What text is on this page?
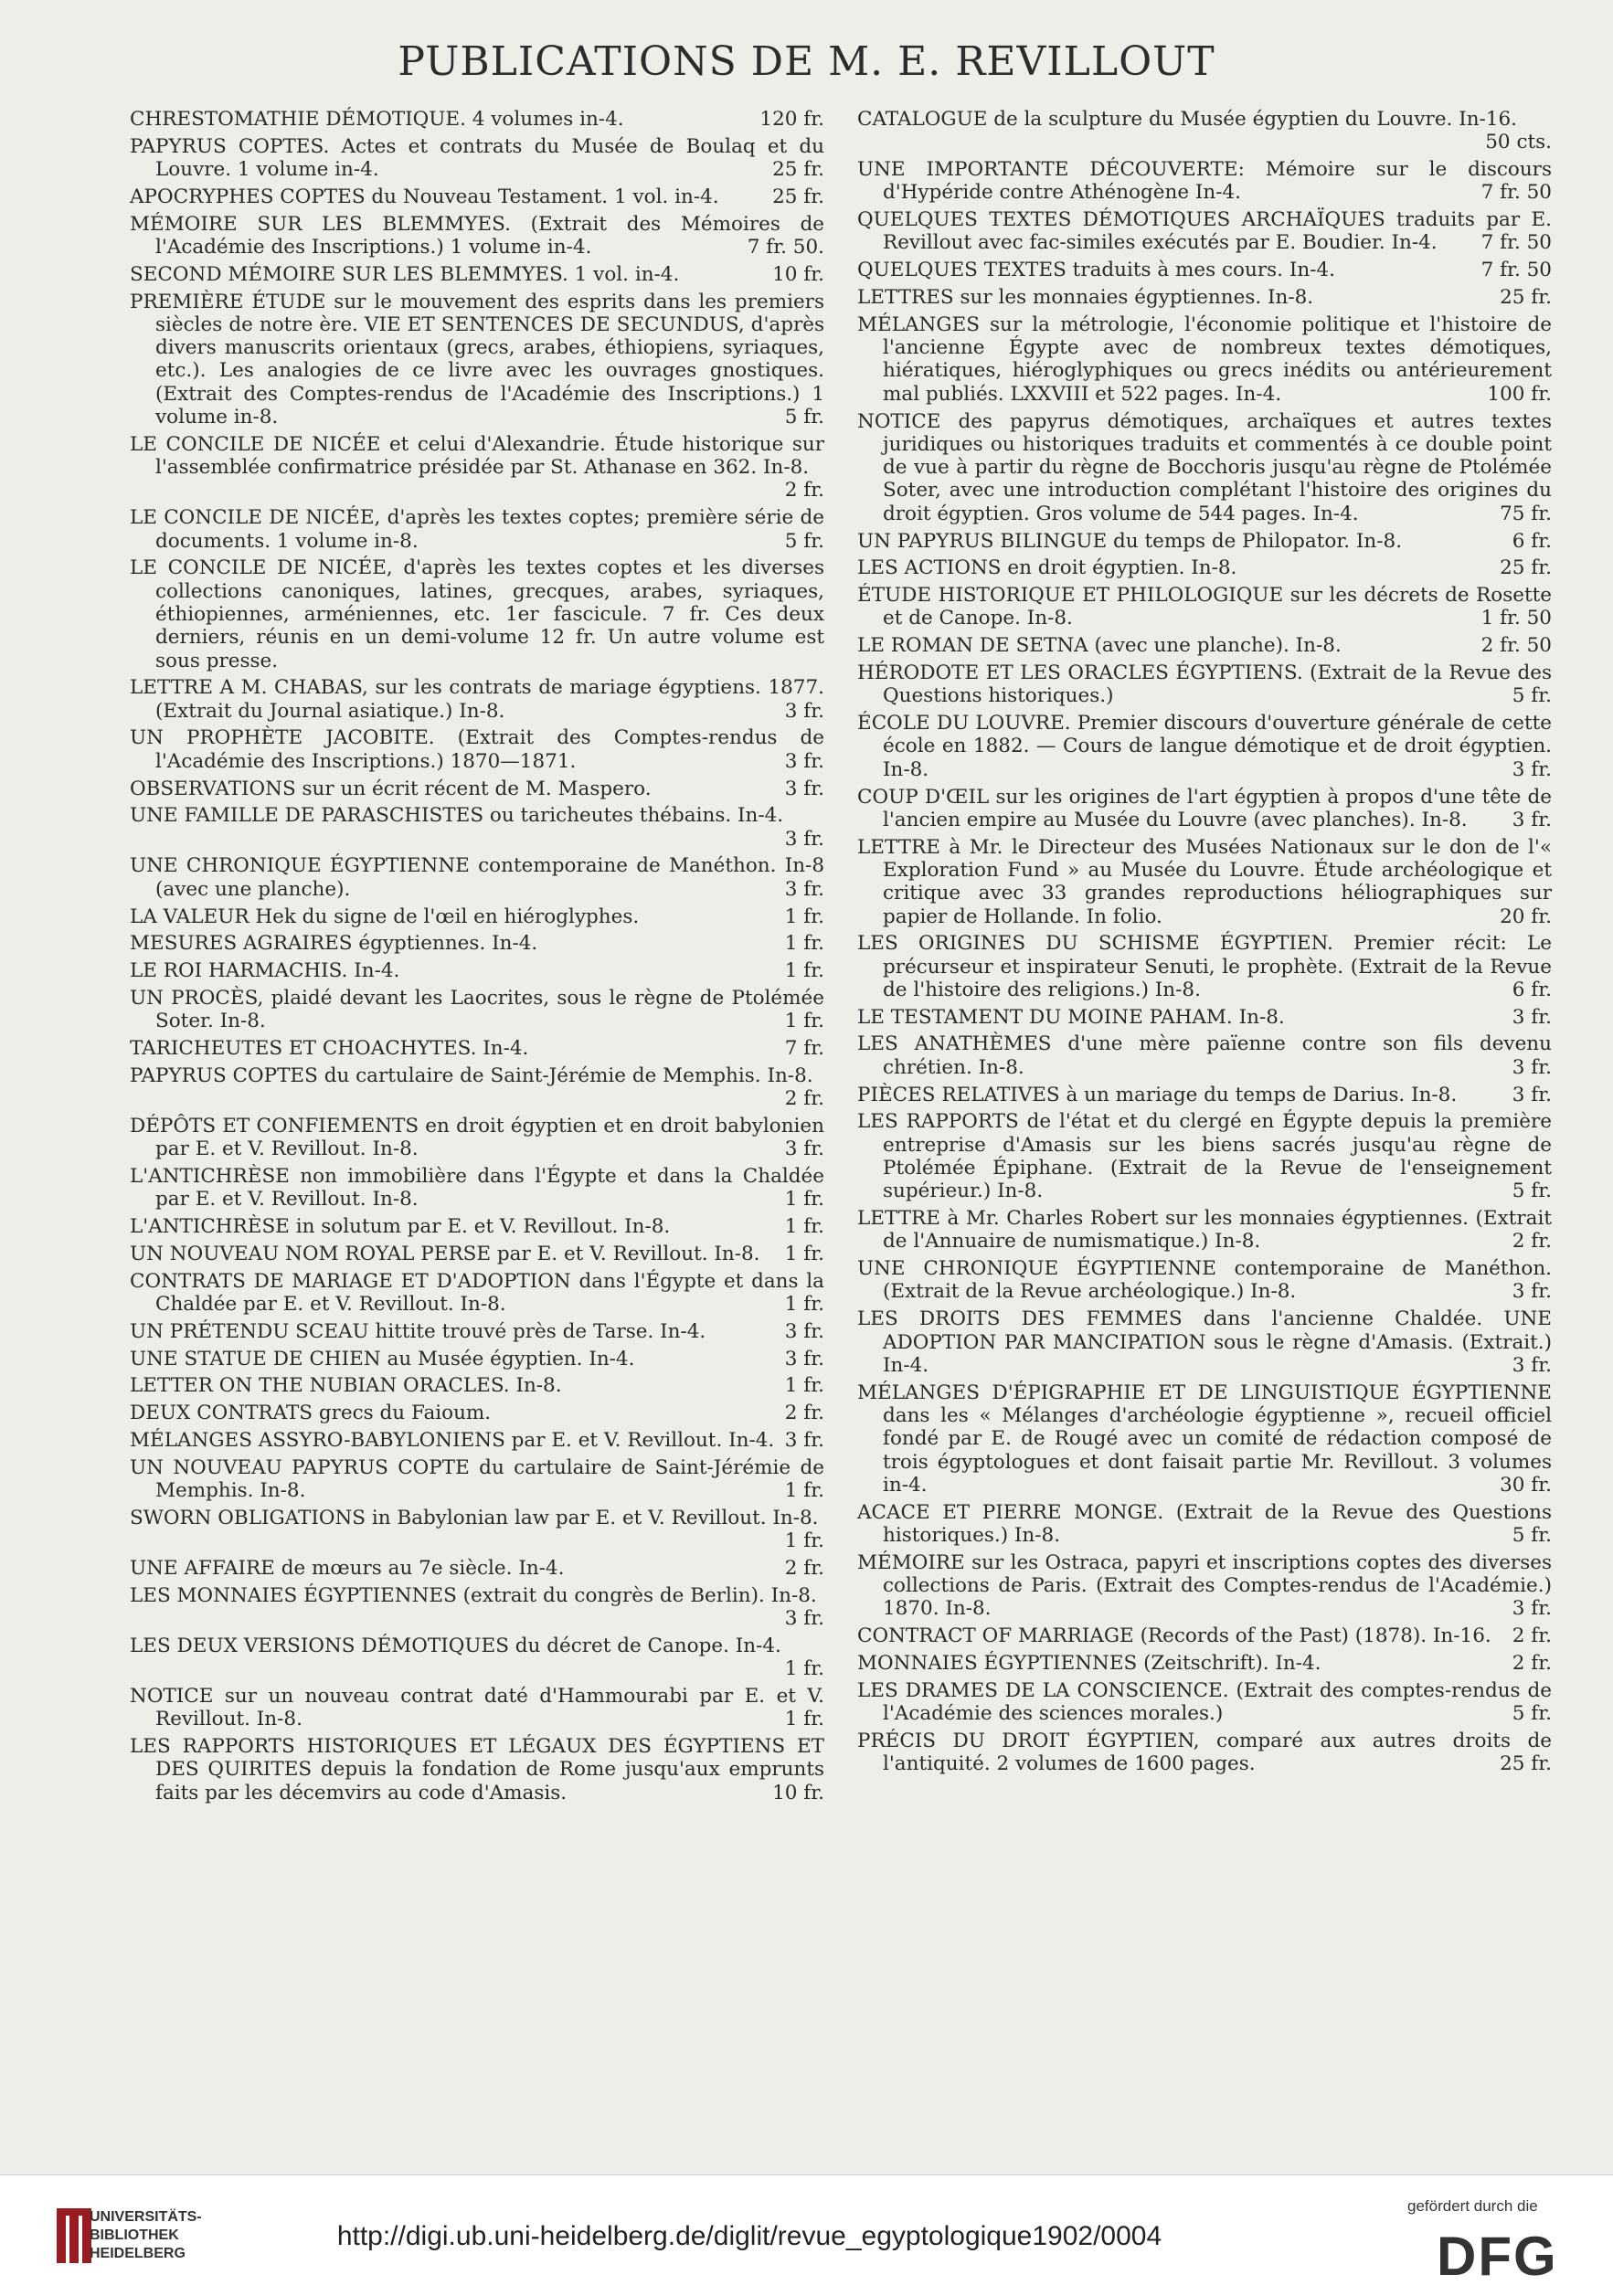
PUBLICATIONS DE M. E. REVILLOUT

CHRESTOMATHIE DÉMOTIQUE. 4 volumes in-4.	120 fr.

PAPYRUS COPTES. Actes et contrats du Musée de Boulaq et du Louvre. 1 volume in-4.	25 fr.

APOCRYPHES COPTES du Nouveau Testament. 1 vol. in-4.	25 fr.

MÉMOIRE SUR LES BLEMMYES. (Extrait des Mémoires de l'Académie des Inscriptions.) 1 volume in-4.	7 fr. 50.

SECOND MÉMOIRE SUR LES BLEMMYES. 1 vol. in-4.	10 fr.

PREMIÈRE ÉTUDE sur le mouvement des esprits dans les premiers siècles de notre ère. VIE ET SENTENCES DE SECUNDUS, d'après divers manuscrits orientaux (grecs, arabes, éthiopiens, syriaques, etc.). Les analogies de ce livre avec les ouvrages gnostiques. (Extrait des Comptes-rendus de l'Académie des Inscriptions.) 1 volume in-8.	5 fr.

LE CONCILE DE NICÉE et celui d'Alexandrie. Étude historique sur l'assemblée confirmatrice présidée par St. Athanase en 362. In-8.
2 fr.

LE CONCILE DE NICÉE, d'après les textes coptes; première série de documents. 1 volume in-8.	5 fr.

LE CONCILE DE NICÉE, d'après les textes coptes et les diverses collections canoniques, latines, grecques, arabes, syriaques, éthiopiennes, arméniennes, etc. 1er fascicule. 7 fr. Ces deux derniers, réunis en un demi-volume 12 fr. Un autre volume est sous presse.

LETTRE A M. CHABAS, sur les contrats de mariage égyptiens. 1877. (Extrait du Journal asiatique.) In-8.	3 fr.

UN PROPHÈTE JACOBITE. (Extrait des Comptes-rendus de l'Académie des Inscriptions.) 1870—1871.	3 fr.

OBSERVATIONS sur un écrit récent de M. Maspero.	3 fr.

UNE FAMILLE DE PARASCHISTES ou taricheutes thébains. In-4.
3 fr.

UNE CHRONIQUE ÉGYPTIENNE contemporaine de Manéthon. In-8 (avec une planche).	3 fr.

LA VALEUR Hek du signe de l'œil en hiéroglyphes.	1 fr.

MESURES AGRAIRES égyptiennes. In-4.	1 fr.

LE ROI HARMACHIS. In-4.	1 fr.

UN PROCÈS, plaidé devant les Laocrites, sous le règne de Ptolémée Soter. In-8.	1 fr.

TARICHEUTES ET CHOACHYTES. In-4.	7 fr.

PAPYRUS COPTES du cartulaire de Saint-Jérémie de Memphis. In-8.
2 fr.

DÉPÔTS ET CONFIEMENTS en droit égyptien et en droit babylonien par E. et V. Revillout. In-8.	3 fr.

L'ANTICHRÈSE non immobilière dans l'Égypte et dans la Chaldée par E. et V. Revillout. In-8.	1 fr.

L'ANTICHRÈSE in solutum par E. et V. Revillout. In-8.	1 fr.

UN NOUVEAU NOM ROYAL PERSE par E. et V. Revillout. In-8.	1 fr.

CONTRATS DE MARIAGE ET D'ADOPTION dans l'Égypte et dans la Chaldée par E. et V. Revillout. In-8.	1 fr.

UN PRÉTENDU SCEAU hittite trouvé près de Tarse. In-4.	3 fr.

UNE STATUE DE CHIEN au Musée égyptien. In-4.	3 fr.

LETTER ON THE NUBIAN ORACLES. In-8.	1 fr.

DEUX CONTRATS grecs du Faioum.	2 fr.

MÉLANGES ASSYRO-BABYLONIENS par E. et V. Revillout. In-4. 3 fr.

UN NOUVEAU PAPYRUS COPTE du cartulaire de Saint-Jérémie de Memphis. In-8.	1 fr.

SWORN OBLIGATIONS in Babylonian law par E. et V. Revillout. In-8.
1 fr.

UNE AFFAIRE de mœurs au 7e siècle. In-4.	2 fr.

LES MONNAIES ÉGYPTIENNES (extrait du congrès de Berlin). In-8.
3 fr.

LES DEUX VERSIONS DÉMOTIQUES du décret de Canope. In-4.
1 fr.

NOTICE sur un nouveau contrat daté d'Hammourabi par E. et V. Revillout. In-8.	1 fr.

LES RAPPORTS HISTORIQUES ET LÉGAUX DES ÉGYPTIENS ET DES QUIRITES depuis la fondation de Rome jusqu'aux emprunts faits par les décemvirs au code d'Amasis.	10 fr.

CATALOGUE de la sculpture du Musée égyptien du Louvre. In-16.
50 cts.

UNE IMPORTANTE DÉCOUVERTE: Mémoire sur le discours d'Hypéride contre Athénogène In-4.	7 fr. 50

QUELQUES TEXTES DÉMOTIQUES ARCHAÏQUES traduits par E. Revillout avec fac-similes exécutés par E. Boudier. In-4.	7 fr. 50

QUELQUES TEXTES traduits à mes cours. In-4.	7 fr. 50

LETTRES sur les monnaies égyptiennes. In-8.	25 fr.

MÉLANGES sur la métrologie, l'économie politique et l'histoire de l'ancienne Égypte avec de nombreux textes démotiques, hiératiques, hiéroglyphiques ou grecs inédits ou antérieurement mal publiés. LXXVIII et 522 pages. In-4.	100 fr.

NOTICE des papyrus démotiques, archaïques et autres textes juridiques ou historiques traduits et commentés à ce double point de vue à partir du règne de Bocchoris jusqu'au règne de Ptolémée Soter, avec une introduction complétant l'histoire des origines du droit égyptien. Gros volume de 544 pages. In-4.	75 fr.

UN PAPYRUS BILINGUE du temps de Philopator. In-8.	6 fr.

LES ACTIONS en droit égyptien. In-8.	25 fr.

ÉTUDE HISTORIQUE ET PHILOLOGIQUE sur les décrets de Rosette et de Canope. In-8.	1 fr. 50

LE ROMAN DE SETNA (avec une planche). In-8.	2 fr. 50

HÉRODOTE ET LES ORACLES ÉGYPTIENS. (Extrait de la Revue des Questions historiques.)	5 fr.

ÉCOLE DU LOUVRE. Premier discours d'ouverture générale de cette école en 1882. — Cours de langue démotique et de droit égyptien. In-8.	3 fr.

COUP D'ŒIL sur les origines de l'art égyptien à propos d'une tête de l'ancien empire au Musée du Louvre (avec planches). In-8.	3 fr.

LETTRE à Mr. le Directeur des Musées Nationaux sur le don de l'« Exploration Fund » au Musée du Louvre. Étude archéologique et critique avec 33 grandes reproductions héliographiques sur papier de Hollande. In folio.	20 fr.

LES ORIGINES DU SCHISME ÉGYPTIEN. Premier récit: Le précurseur et inspirateur Senuti, le prophète. (Extrait de la Revue de l'histoire des religions.) In-8.	6 fr.

LE TESTAMENT DU MOINE PAHAM. In-8.	3 fr.

LES ANATHÈMES d'une mère païenne contre son fils devenu chrétien. In-8.	3 fr.

PIÈCES RELATIVES à un mariage du temps de Darius. In-8.	3 fr.

LES RAPPORTS de l'état et du clergé en Égypte depuis la première entreprise d'Amasis sur les biens sacrés jusqu'au règne de Ptolémée Épiphane. (Extrait de la Revue de l'enseignement supérieur.) In-8.	5 fr.

LETTRE à Mr. Charles Robert sur les monnaies égyptiennes. (Extrait de l'Annuaire de numismatique.) In-8.	2 fr.

UNE CHRONIQUE ÉGYPTIENNE contemporaine de Manéthon. (Extrait de la Revue archéologique.) In-8.	3 fr.

LES DROITS DES FEMMES dans l'ancienne Chaldée. UNE ADOPTION PAR MANCIPATION sous le règne d'Amasis. (Extrait.) In-4.	3 fr.

MÉLANGES D'ÉPIGRAPHIE ET DE LINGUISTIQUE ÉGYPTIENNE dans les « Mélanges d'archéologie égyptienne », recueil officiel fondé par E. de Rougé avec un comité de rédaction composé de trois égyptologues et dont faisait partie Mr. Revillout. 3 volumes in-4.	30 fr.

ACACE ET PIERRE MONGE. (Extrait de la Revue des Questions historiques.) In-8.	5 fr.

MÉMOIRE sur les Ostraca, papyri et inscriptions coptes des diverses collections de Paris. (Extrait des Comptes-rendus de l'Académie.) 1870. In-8.	3 fr.

CONTRACT OF MARRIAGE (Records of the Past) (1878). In-16.	2 fr.

MONNAIES ÉGYPTIENNES (Zeitschrift). In-4.	2 fr.

LES DRAMES DE LA CONSCIENCE. (Extrait des comptes-rendus de l'Académie des sciences morales.)	5 fr.

PRÉCIS DU DROIT ÉGYPTIEN, comparé aux autres droits de l'antiquité. 2 volumes de 1600 pages.	25 fr.

UNIVERSITÄTS-
BIBLIOTHEK
HEIDELBERG
http://digi.ub.uni-heidelberg.de/diglit/revue_egyptologique1902/0004
gefördert durch die
DFG
